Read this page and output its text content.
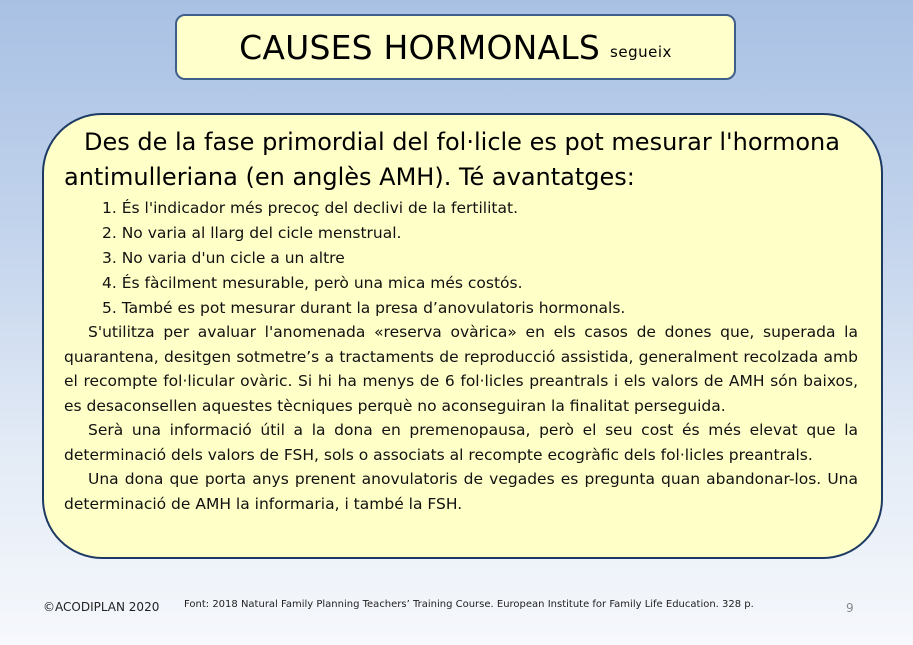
CAUSES HORMONALS segueix
Des de la fase primordial del fol·licle es pot mesurar l'hormona
antimulleriana (en anglès AMH). Té avantatges:
1. És l'indicador més precoç del declivi de la fertilitat.
2. No varia al llarg del cicle menstrual.
3. No varia d'un cicle a un altre
4. És fàcilment mesurable, però una mica més costós.
5. També es pot mesurar durant la presa d’anovulatoris hormonals.

S'utilitza per avaluar l'anomenada «reserva ovàrica» en els casos de dones que, superada la quarantena, desitgen sotmetre’s a tractaments de reproducció assistida, generalment recolzada amb el recompte fol·licular ovàric. Si hi ha menys de 6 fol·licles preantrals i els valors de AMH són baixos, es desaconsellen aquestes tècniques perquè no aconseguiran la finalitat perseguida.

Serà una informació útil a la dona en premenopausa, però el seu cost és més elevat que la determinació dels valors de FSH, sols o associats al recompte ecogràfic dels fol·licles preantrals.

Una dona que porta anys prenent anovulatoris de vegades es pregunta quan abandonar-los. Una determinació de AMH la informaria, i també la FSH.

©ACODIPLAN 2020 Font: 2018 Natural Family Planning Teachers’ Training Course. European Institute for Family Life Education. 328 p.	9
